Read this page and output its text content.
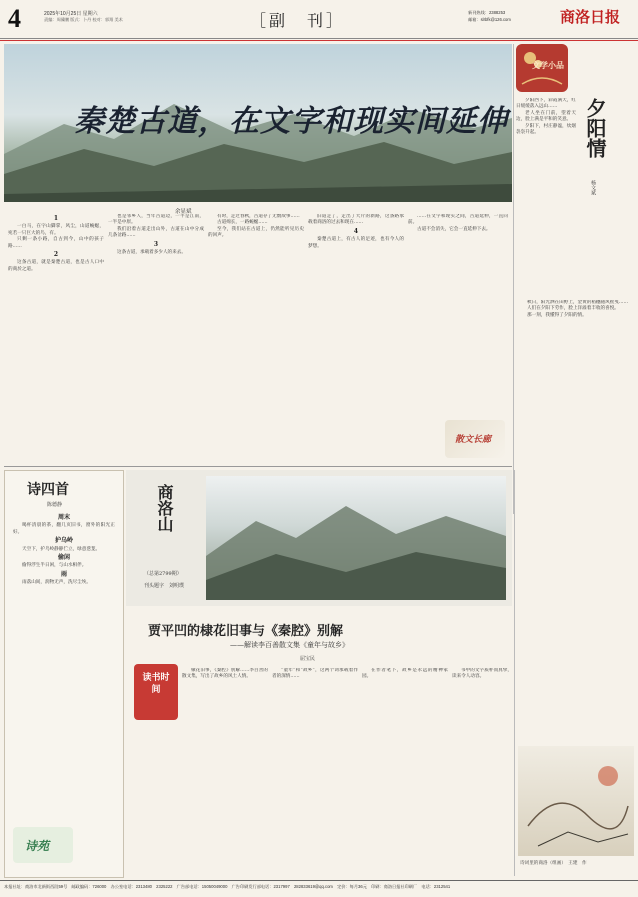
4	2025年10月25日 星期六
责编：周骥鹏 版式：卜丹 校对：郭翔 美术	［副　刊］	新刊热线：2388253
邮箱：slrbfk@126.com	商洛日报
秦楚古道，在文字和现实间延伸
余显斌
文学小品
夕阳情
杨文斌

夕阳西下，彩霞满天，红日缓缓落入远山……

老人坐在门前，望着天边，脸上满是平和的笑意。

夕阳下，村庄静谧，炊烟袅袅升起。

1

一白马，在字山脚掌，风尘，山道蜿蜒，宛若一只巨大的鸟，有。

只剩一条小路，自古到今，山中的孩子路……

2

这条古道，就是秦楚古道，也是古人口中的商於之道。

也是邻乡人，当年古道边，一半是江南，一半是中原。

我们沿着古道走出山外，古道在山中分成几条岔路……

3

这条古道，承载着多少人的来去。

有时，走过春秋，古道存了无数故事……

古道绵长，一路蜿蜒……

至今，我们站在古道上，仍然能听见历史的回声。

旧道走了，走出了大片的新路，这条路承载着商洛的过去和现在……

4

秦楚古道上，有古人的足迹，也有今人的梦想。

……在文字和现实之间，古道延伸，一直向前。

古道不会消失，它会一直延伸下去。

散文长廊
诗四首
陈德静
周末

喝杯清晨的茶，翻几页旧书，窗外的阳光正好。

护乌岭

天空下，护乌岭静静伫立，绿意葱茏。

偷闲

偷得浮生半日闲，与山水相伴。

雨

雨落山间，润物无声，洗尽尘埃。

诗苑
商洛山
（总第2799期）
刊头题字　刘明璞
贾平凹的棣花旧事与《秦腔》别解
——解读李百善散文集《童年与故乡》
屈宝民
读书时间

棣花旧事，《秦腔》别解……李百善的散文集，写出了故乡的风土人情。

“童年”和“故乡”，这两个词承载着作者的深情……

在作者笔下，故乡是永远的精神家园。

书中的文字质朴而真挚，读来令人动容。

秋日，阳光洒在田野上，金黄的稻穗随风摇曳……

人们在夕阳下劳作，脸上洋溢着丰收的喜悦。

那一刻，我懂得了夕阳的情。

诗词里的商洛（组画）　王建　作
本报社址：商洛市北新街西段59号　邮政编码：726000　办公室电话：2313480　2325222　广告部电话：15050049000　广告印刷发行部电话：2317997　282833619@qq.com　定价：每月36元　印刷：商洛日报社印刷厂　电话：2312541
